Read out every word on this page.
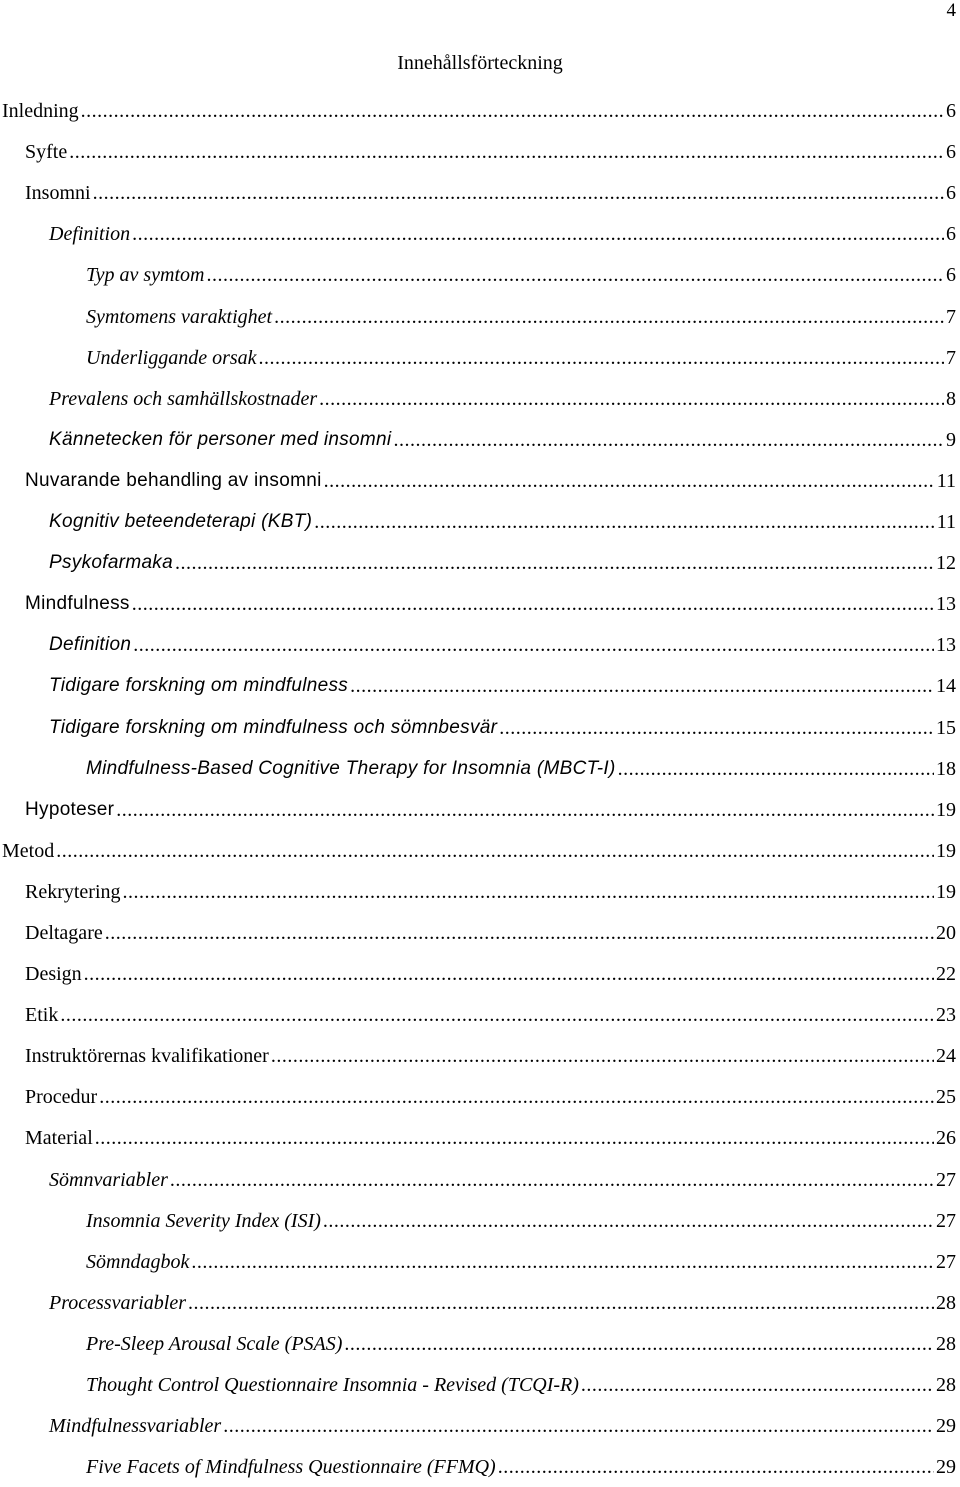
4
Innehållsförteckning
Inledning .....	6
Syfte .....	6
Insomni .....	6
Definition .....	6
Typ av symtom .....	6
Symtomens varaktighet .....	7
Underliggande orsak .....	7
Prevalens och samhällskostnader .....	8
Kännetecken för personer med insomni .....	9
Nuvarande behandling av insomni .....	11
Kognitiv beteendeterapi (KBT) .....	11
Psykofarmaka .....	12
Mindfulness .....	13
Definition .....	13
Tidigare forskning om mindfulness .....	14
Tidigare forskning om mindfulness och sömnbesvär .....	15
Mindfulness-Based Cognitive Therapy for Insomnia (MBCT-I) .....	18
Hypoteser .....	19
Metod .....	19
Rekrytering .....	19
Deltagare .....	20
Design .....	22
Etik .....	23
Instruktörernas kvalifikationer .....	24
Procedur .....	25
Material .....	26
Sömnvariabler .....	27
Insomnia Severity Index (ISI) .....	27
Sömndagbok .....	27
Processvariabler .....	28
Pre-Sleep Arousal Scale (PSAS) .....	28
Thought Control Questionnaire Insomnia - Revised (TCQI-R) .....	28
Mindfulnessvariabler .....	29
Five Facets of Mindfulness Questionnaire (FFMQ) .....	29
